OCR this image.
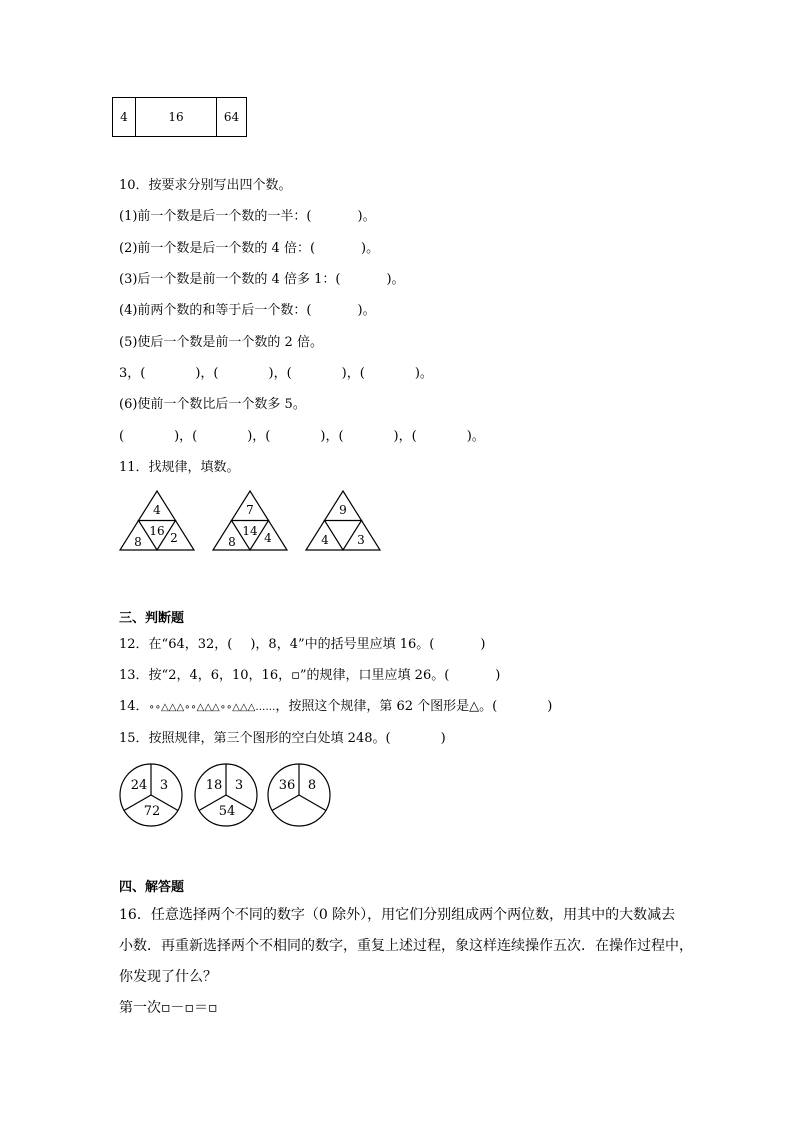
4	16	64
10．按要求分别写出四个数。
(1)前一个数是后一个数的一半：(	)。
(2)前一个数是后一个数的 4 倍：(	)。
(3)后一个数是前一个数的 4 倍多 1：(	)。
(4)前两个数的和等于后一个数：(	)。
(5)使后一个数是前一个数的 2 倍。
3，(	)，(	)，(	)，(	)。
(6)使前一个数比后一个数多 5。
(	)，(	)，(	)，(	)，(	)。
11．找规律，填数。
4
16
8 2
7
14
8 4
9
4 3
三、判断题
12．在“64，32，( )，8，4”中的括号里应填 16。(	)
13．按“2，4，6，10，16，▫”的规律，口里应填 26。(	)
14．∘∘△△△∘∘△△△∘∘△△△……，按照这个规律，第 62 个图形是△。(	)
15．按照规律，第三个图形的空白处填 248。(	)
24 3
72
18 3
54
36 8
四、解答题
16．任意选择两个不同的数字（0 除外），用它们分别组成两个两位数，用其中的大数减去
小数．再重新选择两个不相同的数字，重复上述过程，象这样连续操作五次．在操作过程中，
你发现了什么？
第一次▫－▫＝▫
